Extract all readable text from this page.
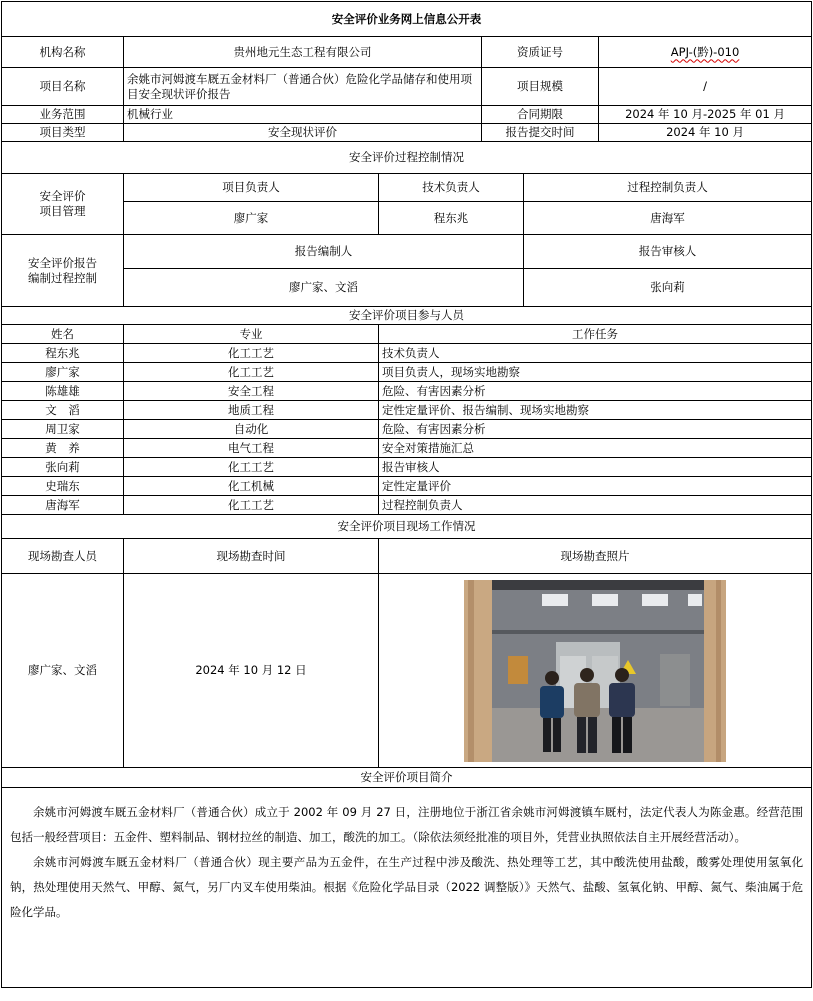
安全评价业务网上信息公开表					
机构名称	贵州地元生态工程有限公司		资质证号		APJ-(黔)-010
项目名称	余姚市河姆渡车厩五金材料厂（普通合伙）危险化学品储存和使用项目安全现状评价报告		项目规模		/
业务范围	机械行业		合同期限		2024 年 10 月-2025 年 01 月
项目类型	安全现状评价		报告提交时间		2024 年 10 月
安全评价过程控制情况					

安全评价
项目管理	项目负责人	技术负责人		过程控制负责人	
	廖广家	程东兆		唐海军	

安全评价报告
编制过程控制	报告编制人			报告审核人	
	廖广家、文滔			张向莉	
安全评价项目参与人员					
姓名	专业	工作任务			
程东兆	化工工艺	技术负责人			
廖广家	化工工艺	项目负责人，现场实地勘察			
陈雄雄	安全工程	危险、有害因素分析			
文　滔	地质工程	定性定量评价、报告编制、现场实地勘察			
周卫家	自动化	危险、有害因素分析			
黄　养	电气工程	安全对策措施汇总			
张向莉	化工工艺	报告审核人			
史瑞东	化工机械	定性定量评价			
唐海军	化工工艺	过程控制负责人			
安全评价项目现场工作情况					
现场勘查人员	现场勘查时间	现场勘查照片			
廖广家、文滔	2024 年 10 月 12 日	

安全评价项目简介					

余姚市河姆渡车厩五金材料厂（普通合伙）成立于 2002 年 09 月 27 日，注册地位于浙江省余姚市河姆渡镇车厩村，法定代表人为陈金惠。经营范围包括一般经营项目：五金件、塑料制品、钢材拉丝的制造、加工，酸洗的加工。（除依法须经批准的项目外，凭营业执照依法自主开展经营活动）。

余姚市河姆渡车厩五金材料厂（普通合伙）现主要产品为五金件，在生产过程中涉及酸洗、热处理等工艺，其中酸洗使用盐酸，酸雾处理使用氢氧化钠，热处理使用天然气、甲醇、氮气，另厂内叉车使用柴油。根据《危险化学品目录（2022 调整版）》天然气、盐酸、氢氧化钠、甲醇、氮气、柴油属于危险化学品。					
